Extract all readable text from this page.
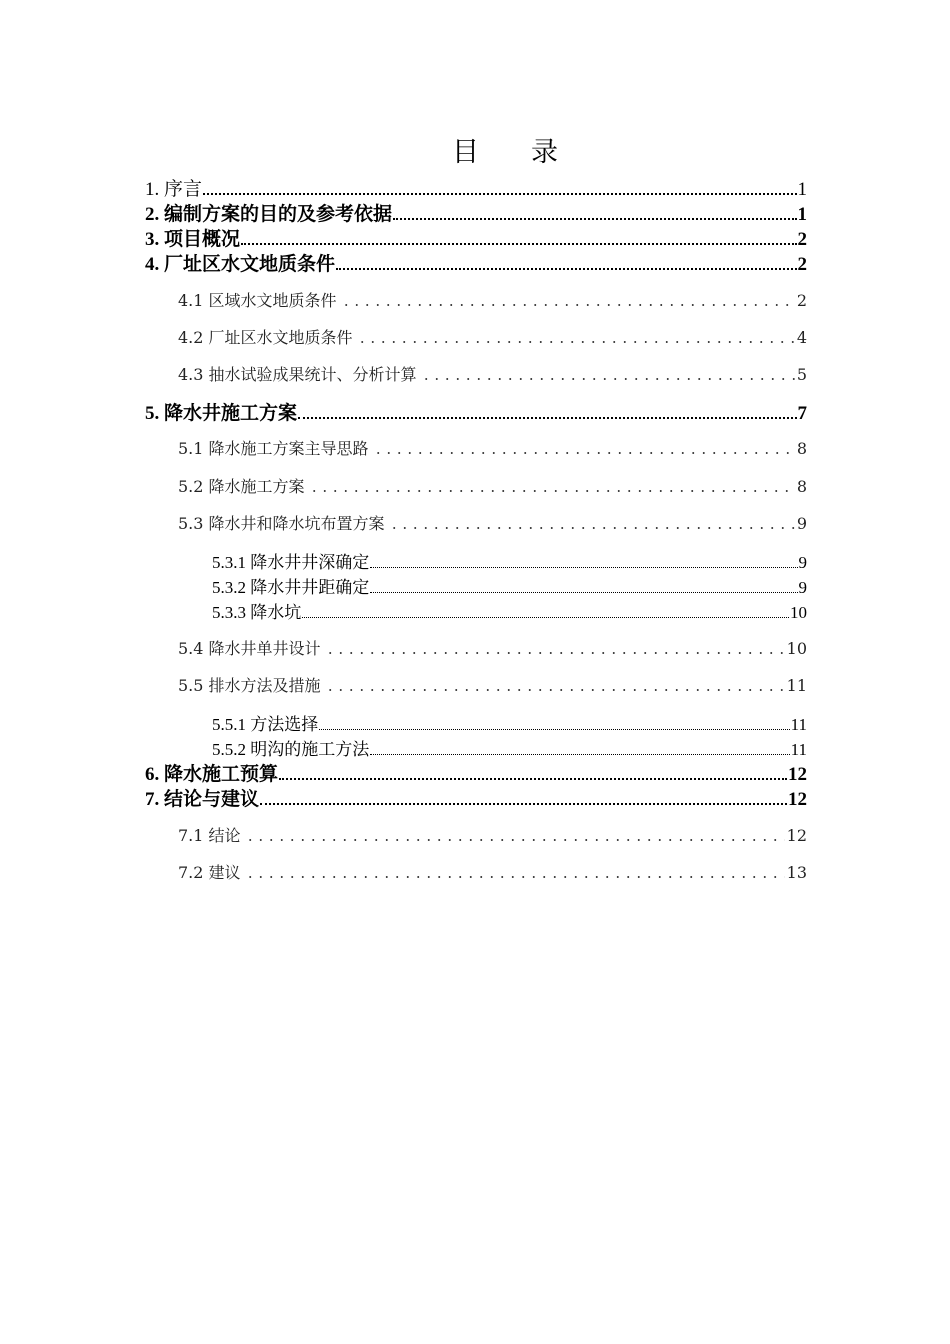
目 录
1. 序言	1
2. 编制方案的目的及参考依据	1
3. 项目概况	2
4. 厂址区水文地质条件	2
4.1 区域水文地质条件	2
4.2 厂址区水文地质条件	4
4.3 抽水试验成果统计、分析计算	5
5. 降水井施工方案	7
5.1 降水施工方案主导思路	8
5.2 降水施工方案	8
5.3 降水井和降水坑布置方案	9
5.3.1 降水井井深确定	9
5.3.2 降水井井距确定	9
5.3.3 降水坑	10
5.4 降水井单井设计	10
5.5 排水方法及措施	11
5.5.1 方法选择	11
5.5.2 明沟的施工方法	11
6. 降水施工预算	12
7. 结论与建议	12
7.1 结论	12
7.2 建议	13
